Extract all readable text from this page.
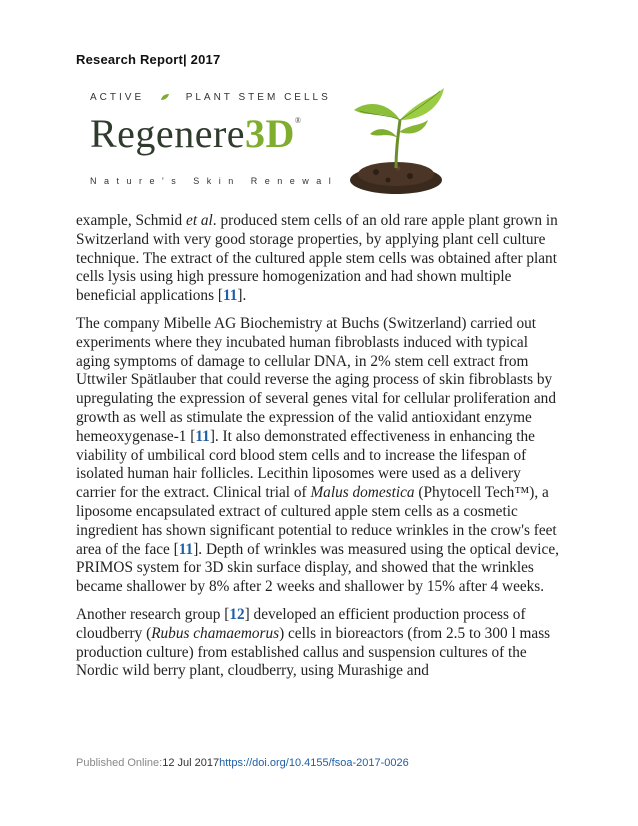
Research Report| 2017
ACTIVE	PLANT STEM CELLS
Regenere3D®
Nature's Skin Renewal

example, Schmid et al. produced stem cells of an old rare apple plant grown in Switzerland with very good storage properties, by applying plant cell culture technique. The extract of the cultured apple stem cells was obtained after plant cells lysis using high pressure homogenization and had shown multiple beneficial applications [11].

The company Mibelle AG Biochemistry at Buchs (Switzerland) carried out experiments where they incubated human fibroblasts induced with typical aging symptoms of damage to cellular DNA, in 2% stem cell extract from Uttwiler Spätlauber that could reverse the aging process of skin fibroblasts by upregulating the expression of several genes vital for cellular proliferation and growth as well as stimulate the expression of the valid antioxidant enzyme hemeoxygenase-1 [11]. It also demonstrated effectiveness in enhancing the viability of umbilical cord blood stem cells and to increase the lifespan of isolated human hair follicles. Lecithin liposomes were used as a delivery carrier for the extract. Clinical trial of Malus domestica (Phytocell Tech™), a liposome encapsulated extract of cultured apple stem cells as a cosmetic ingredient has shown significant potential to reduce wrinkles in the crow's feet area of the face [11]. Depth of wrinkles was measured using the optical device, PRIMOS system for 3D skin surface display, and showed that the wrinkles became shallower by 8% after 2 weeks and shallower by 15% after 4 weeks.

Another research group [12] developed an efficient production process of cloudberry (Rubus chamaemorus) cells in bioreactors (from 2.5 to 300 l mass production culture) from established callus and suspension cultures of the Nordic wild berry plant, cloudberry, using Murashige and

Published Online:12 Jul 2017https://doi.org/10.4155/fsoa-2017-0026
